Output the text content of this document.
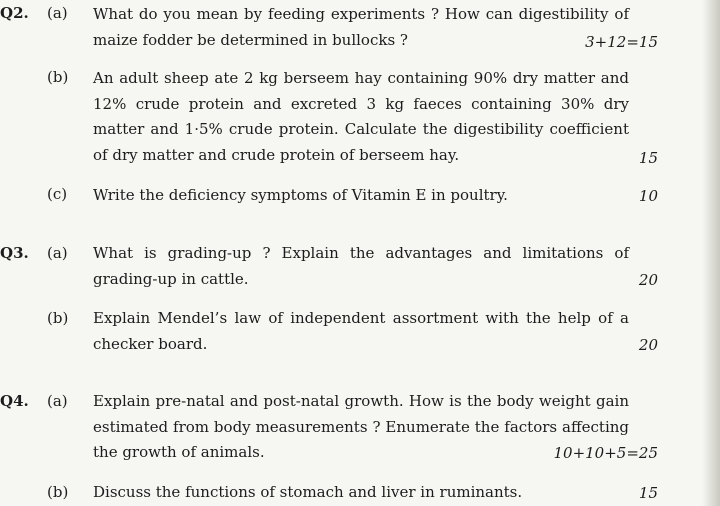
Q2. (a) What do you mean by feeding experiments ? How can digestibility of maize fodder be determined in bullocks ?	3+12=15
(b) An adult sheep ate 2 kg berseem hay containing 90% dry matter and 12% crude protein and excreted 3 kg faeces containing 30% dry matter and 1·5% crude protein. Calculate the digestibility coefficient of dry matter and crude protein of berseem hay.	15
(c) Write the deficiency symptoms of Vitamin E in poultry.	10
Q3. (a) What is grading-up ? Explain the advantages and limitations of grading-up in cattle.	20
(b) Explain Mendel’s law of independent assortment with the help of a checker board.	20
Q4. (a) Explain pre-natal and post-natal growth. How is the body weight gain estimated from body measurements ? Enumerate the factors affecting the growth of animals.	10+10+5=25
(b) Discuss the functions of stomach and liver in ruminants.	15
